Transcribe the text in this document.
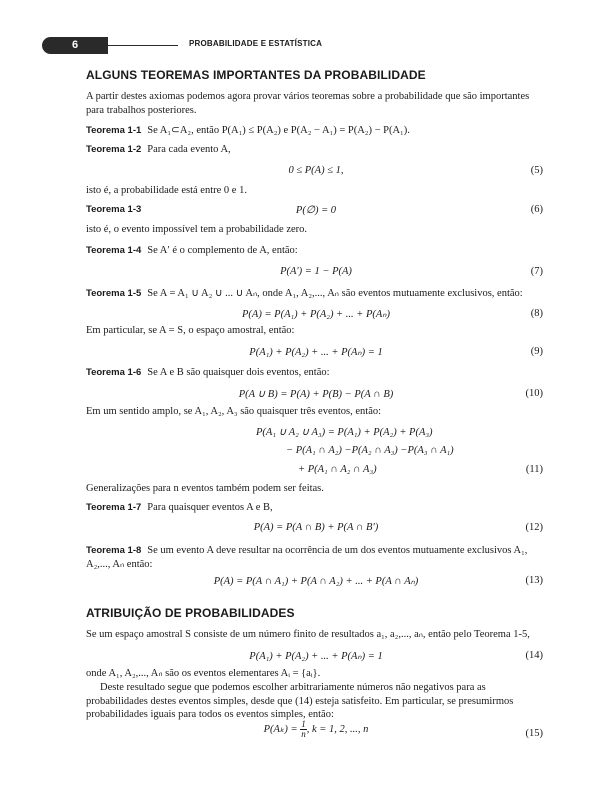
6	PROBABILIDADE E ESTATÍSTICA
ALGUNS TEOREMAS IMPORTANTES DA PROBABILIDADE
A partir destes axiomas podemos agora provar vários teoremas sobre a probabilidade que são importantes para trabalhos posteriores.
Teorema 1-1 Se A₁⊂A₂, então P(A₁) ≤ P(A₂) e P(A₂ − A₁) = P(A₂) − P(A₁).
Teorema 1-2 Para cada evento A,
0 ≤ P(A) ≤ 1,	(5)
isto é, a probabilidade está entre 0 e 1.
Teorema 1-3	P(∅) = 0	(6)
isto é, o evento impossível tem a probabilidade zero.
Teorema 1-4 Se A′ é o complemento de A, então:
P(A′) = 1 − P(A)	(7)
Teorema 1-5 Se A = A₁ ∪ A₂ ∪ ... ∪ Aₙ, onde A₁, A₂,..., Aₙ são eventos mutuamente exclusivos, então:
P(A) = P(A₁) + P(A₂) + ... + P(Aₙ)	(8)
Em particular, se A = S, o espaço amostral, então:
P(A₁) + P(A₂) + ... + P(Aₙ) = 1	(9)
Teorema 1-6 Se A e B são quaisquer dois eventos, então:
P(A ∪ B) = P(A) + P(B) − P(A ∩ B)	(10)
Em um sentido amplo, se A₁, A₂, A₃ são quaisquer três eventos, então:
P(A₁ ∪ A₂ ∪ A₃) = P(A₁) + P(A₂) + P(A₃)
− P(A₁ ∩ A₂) −P(A₂ ∩ A₃) −P(A₃ ∩ A₁)
+ P(A₁ ∩ A₂ ∩ A₃)	(11)
Generalizações para n eventos também podem ser feitas.
Teorema 1-7 Para quaisquer eventos A e B,
P(A) = P(A ∩ B) + P(A ∩ B′)	(12)
Teorema 1-8 Se um evento A deve resultar na ocorrência de um dos eventos mutuamente exclusivos A₁, A₂,..., Aₙ então:
P(A) = P(A ∩ A₁) + P(A ∩ A₂) + ... + P(A ∩ Aₙ)	(13)
ATRIBUIÇÃO DE PROBABILIDADES
Se um espaço amostral S consiste de um número finito de resultados a₁, a₂,..., aₙ, então pelo Teorema 1-5,
P(A₁) + P(A₂) + ... + P(Aₙ) = 1	(14)
onde A₁, A₂,..., Aₙ são os eventos elementares Aᵢ = {aᵢ}.
Deste resultado segue que podemos escolher arbitrariamente números não negativos para as probabilidades destes eventos simples, desde que (14) esteja satisfeito. Em particular, se presumirmos probabilidades iguais para todos os eventos simples, então:
$P(A_k) = \frac{1}{n}$ , k = 1, 2, ..., n	(15)
